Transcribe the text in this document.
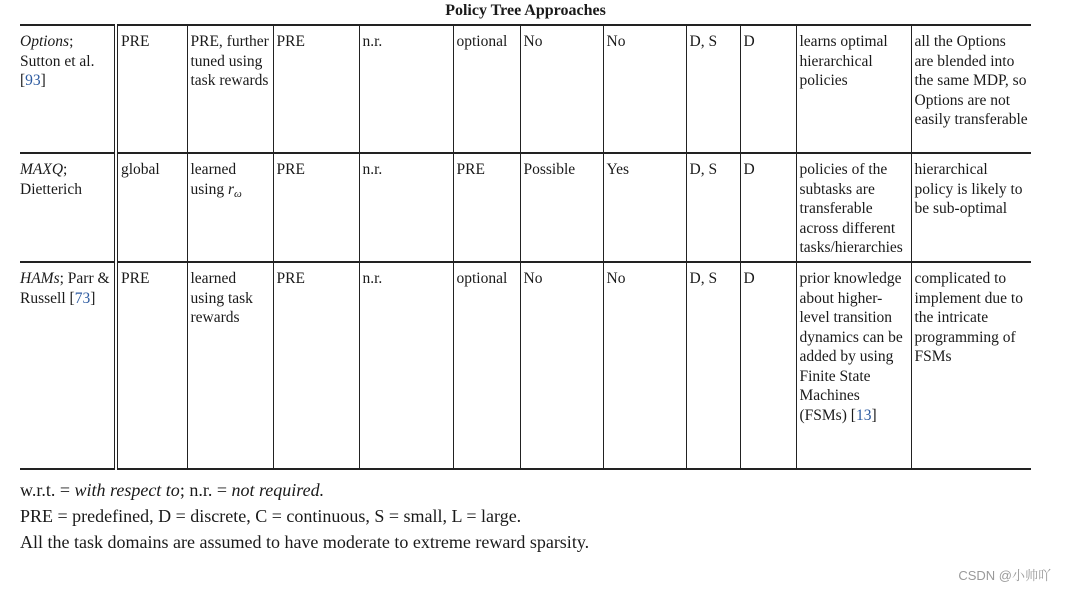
Policy Tree Approaches
Options; Sutton et al. [93]	PRE	PRE, further tuned using task rewards	PRE	n.r.	optional	No	No	D, S	D	learns optimal hierarchical policies	all the Options are blended into the same MDP, so Options are not easily transferable
MAXQ; Dietterich	global	learned using $r_\omega$	PRE	n.r.	PRE	Possible	Yes	D, S	D	policies of the subtasks are transferable across different tasks/hierarchies	hierarchical policy is likely to be sub-optimal
HAMs; Parr & Russell [73]	PRE	learned using task rewards	PRE	n.r.	optional	No	No	D, S	D	prior knowledge about higher-level transition dynamics can be added by using Finite State Machines (FSMs) [13]	complicated to implement due to the intricate programming of FSMs
w.r.t. = with respect to; n.r. = not required.
PRE = predefined, D = discrete, C = continuous, S = small, L = large.
All the task domains are assumed to have moderate to extreme reward sparsity.
CSDN @小帅吖
